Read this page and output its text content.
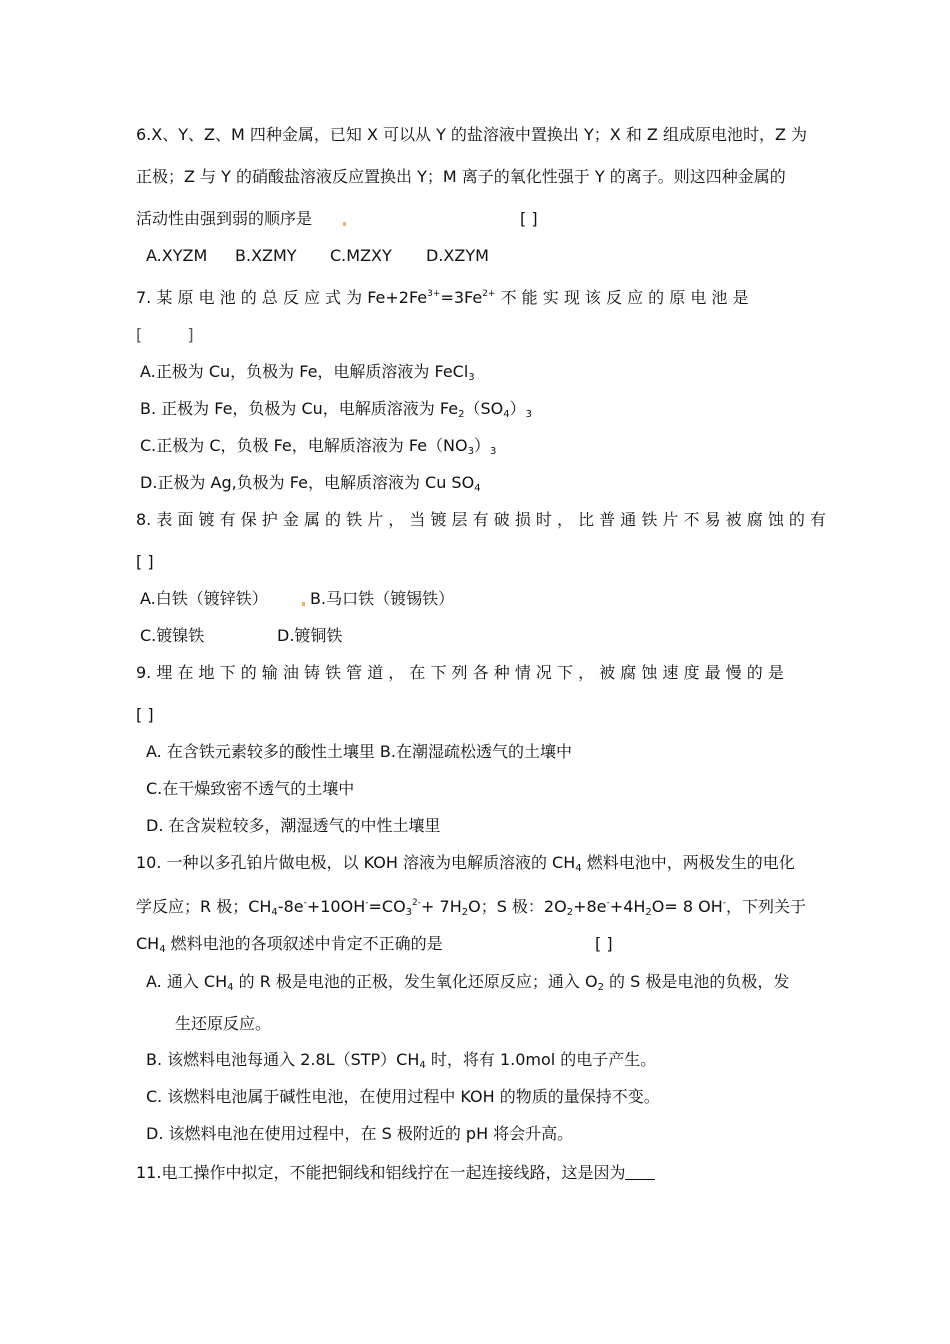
6.X、Y、Z、M 四种金属，已知 X 可以从 Y 的盐溶液中置换出 Y；X 和 Z 组成原电池时，Z 为
正极；Z 与 Y 的硝酸盐溶液反应置换出 Y；M 离子的氧化性强于 Y 的离子。则这四种金属的
活动性由强到弱的顺序是	[ ]
A.XYZM B.XZMY C.MZXY D.XZYM
7. 某 原 电 池 的 总 反 应 式 为 $Fe+2Fe^{3+}=3Fe^{2+}$ 不 能 实 现 该 反 应 的 原 电 池 是
[ ]
A.正极为 Cu，负极为 Fe，电解质溶液为 FeCl$_3$
B. 正极为 Fe，负极为 Cu，电解质溶液为 $Fe_2(SO_4)_3$
C.正极为 C，负极 Fe，电解质溶液为 $Fe(NO_3)_3$
D.正极为 Ag,负极为 Fe，电解质溶液为 Cu $SO_4$
8. 表 面 镀 有 保 护 金 属 的 铁 片 ， 当 镀 层 有 破 损 时 ， 比 普 通 铁 片 不 易 被 腐 蚀 的 有
[ ]
A.白铁（镀锌铁）	B.马口铁（镀锡铁）
C.镀镍铁	D.镀铜铁
9. 埋 在 地 下 的 输 油 铸 铁 管 道 ， 在 下 列 各 种 情 况 下 ， 被 腐 蚀 速 度 最 慢 的 是
[ ]
A. 在含铁元素较多的酸性土壤里 B.在潮湿疏松透气的土壤中
C.在干燥致密不透气的土壤中
D. 在含炭粒较多，潮湿透气的中性土壤里
10. 一种以多孔铂片做电极，以 KOH 溶液为电解质溶液的 $CH_4$ 燃料电池中，两极发生的电化
学反应；R 极；$CH_4-8e^-+10OH^-=CO_3^{2-}+ 7H_2O$；S 极：$2O_2+8e^-+4H_2O= 8$ OH-，下列关于
$CH_4$ 燃料电池的各项叙述中肯定不正确的是	[ ]
A. 通入 $CH_4$ 的 R 极是电池的正极，发生氧化还原反应；通入 $O_2$ 的 S 极是电池的负极，发
生还原反应。
B. 该燃料电池每通入 $2.8L(STP)CH_4$ 时，将有 1.0mol 的电子产生。
C. 该燃料电池属于碱性电池，在使用过程中 KOH 的物质的量保持不变。
D. 该燃料电池在使用过程中，在 S 极附近的 pH 将会升高。
11.电工操作中拟定，不能把铜线和铝线拧在一起连接线路，这是因为
